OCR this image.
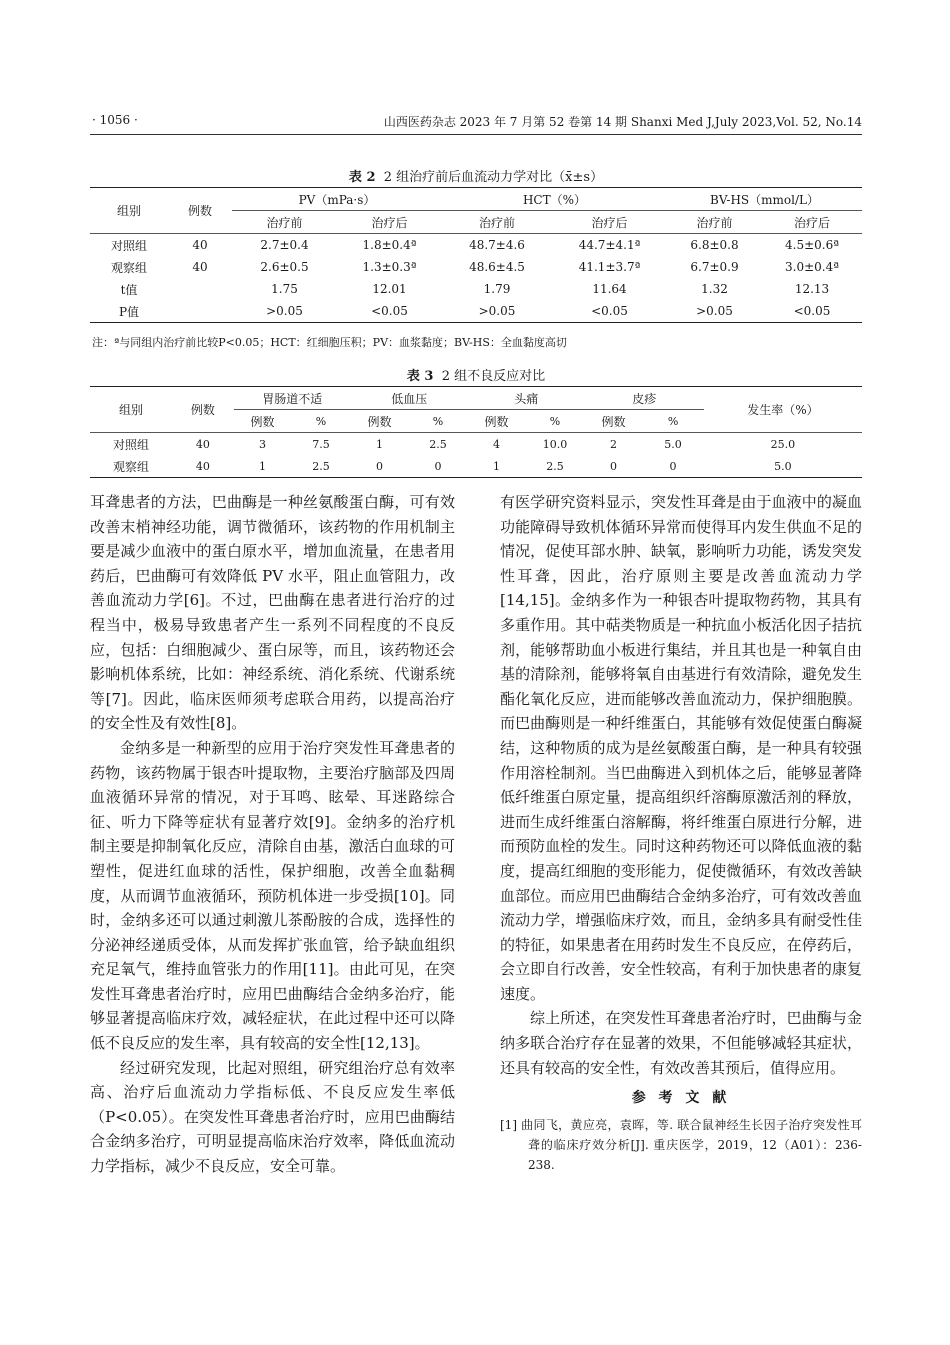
· 1056 ·	山西医药杂志 2023 年 7 月第 52 卷第 14 期 Shanxi Med J,July 2023,Vol. 52, No.14
表 2 2 组治疗前后血流动力学对比（x̄±s）
组别	例数	PV（mPa·s）		HCT（%）		BV-HS（mmol/L）	
		治疗前	治疗后	治疗前	治疗后	治疗前	治疗后
对照组	40	2.7±0.4	1.8±0.4ª	48.7±4.6	44.7±4.1ª	6.8±0.8	4.5±0.6ª
观察组	40	2.6±0.5	1.3±0.3ª	48.6±4.5	41.1±3.7ª	6.7±0.9	3.0±0.4ª
t值		1.75	12.01	1.79	11.64	1.32	12.13
P值		>0.05	<0.05	>0.05	<0.05	>0.05	<0.05
注：ª与同组内治疗前比较P<0.05；HCT：红细胞压积；PV：血浆黏度；BV-HS：全血黏度高切
表 3 2 组不良反应对比
组别	例数	胃肠道不适		低血压		头痛		皮疹		发生率（%）
		例数	%	例数	%	例数	%	例数	%	
对照组	40	3	7.5	1	2.5	4	10.0	2	5.0	25.0
观察组	40	1	2.5	0	0	1	2.5	0	0	5.0

耳聋患者的方法，巴曲酶是一种丝氨酸蛋白酶，可有效改善末梢神经功能，调节微循环，该药物的作用机制主要是减少血液中的蛋白原水平，增加血流量，在患者用药后，巴曲酶可有效降低 PV 水平，阻止血管阻力，改善血流动力学[6]。不过，巴曲酶在患者进行治疗的过程当中，极易导致患者产生一系列不同程度的不良反应，包括：白细胞减少、蛋白尿等，而且，该药物还会影响机体系统，比如：神经系统、消化系统、代谢系统等[7]。因此，临床医师须考虑联合用药，以提高治疗的安全性及有效性[8]。

金纳多是一种新型的应用于治疗突发性耳聋患者的药物，该药物属于银杏叶提取物，主要治疗脑部及四周血液循环异常的情况，对于耳鸣、眩晕、耳迷路综合征、听力下降等症状有显著疗效[9]。金纳多的治疗机制主要是抑制氧化反应，清除自由基，激活白血球的可塑性，促进红血球的活性，保护细胞，改善全血黏稠度，从而调节血液循环，预防机体进一步受损[10]。同时，金纳多还可以通过刺激儿茶酚胺的合成，选择性的分泌神经递质受体，从而发挥扩张血管，给予缺血组织充足氧气，维持血管张力的作用[11]。由此可见，在突发性耳聋患者治疗时，应用巴曲酶结合金纳多治疗，能够显著提高临床疗效，减轻症状，在此过程中还可以降低不良反应的发生率，具有较高的安全性[12,13]。

经过研究发现，比起对照组，研究组治疗总有效率高、治疗后血流动力学指标低、不良反应发生率低（P<0.05）。在突发性耳聋患者治疗时，应用巴曲酶结合金纳多治疗，可明显提高临床治疗效率，降低血流动力学指标，减少不良反应，安全可靠。

有医学研究资料显示，突发性耳聋是由于血液中的凝血功能障碍导致机体循环异常而使得耳内发生供血不足的情况，促使耳部水肿、缺氧，影响听力功能，诱发突发性耳聋，因此，治疗原则主要是改善血流动力学[14,15]。金纳多作为一种银杏叶提取物药物，其具有多重作用。其中萜类物质是一种抗血小板活化因子拮抗剂，能够帮助血小板进行集结，并且其也是一种氧自由基的清除剂，能够将氧自由基进行有效清除，避免发生酯化氧化反应，进而能够改善血流动力，保护细胞膜。而巴曲酶则是一种纤维蛋白，其能够有效促使蛋白酶凝结，这种物质的成为是丝氨酸蛋白酶，是一种具有较强作用溶栓制剂。当巴曲酶进入到机体之后，能够显著降低纤维蛋白原定量，提高组织纤溶酶原激活剂的释放，进而生成纤维蛋白溶解酶，将纤维蛋白原进行分解，进而预防血栓的发生。同时这种药物还可以降低血液的黏度，提高红细胞的变形能力，促使微循环，有效改善缺血部位。而应用巴曲酶结合金纳多治疗，可有效改善血流动力学，增强临床疗效，而且，金纳多具有耐受性佳的特征，如果患者在用药时发生不良反应，在停药后，会立即自行改善，安全性较高，有利于加快患者的康复速度。

综上所述，在突发性耳聋患者治疗时，巴曲酶与金纳多联合治疗存在显著的效果，不但能够减轻其症状，还具有较高的安全性，有效改善其预后，值得应用。

参 考 文 献
[1] 曲同飞，黄应亮，袁晖，等. 联合鼠神经生长因子治疗突发性耳聋的临床疗效分析[J]. 重庆医学，2019，12（A01）：236-238.
